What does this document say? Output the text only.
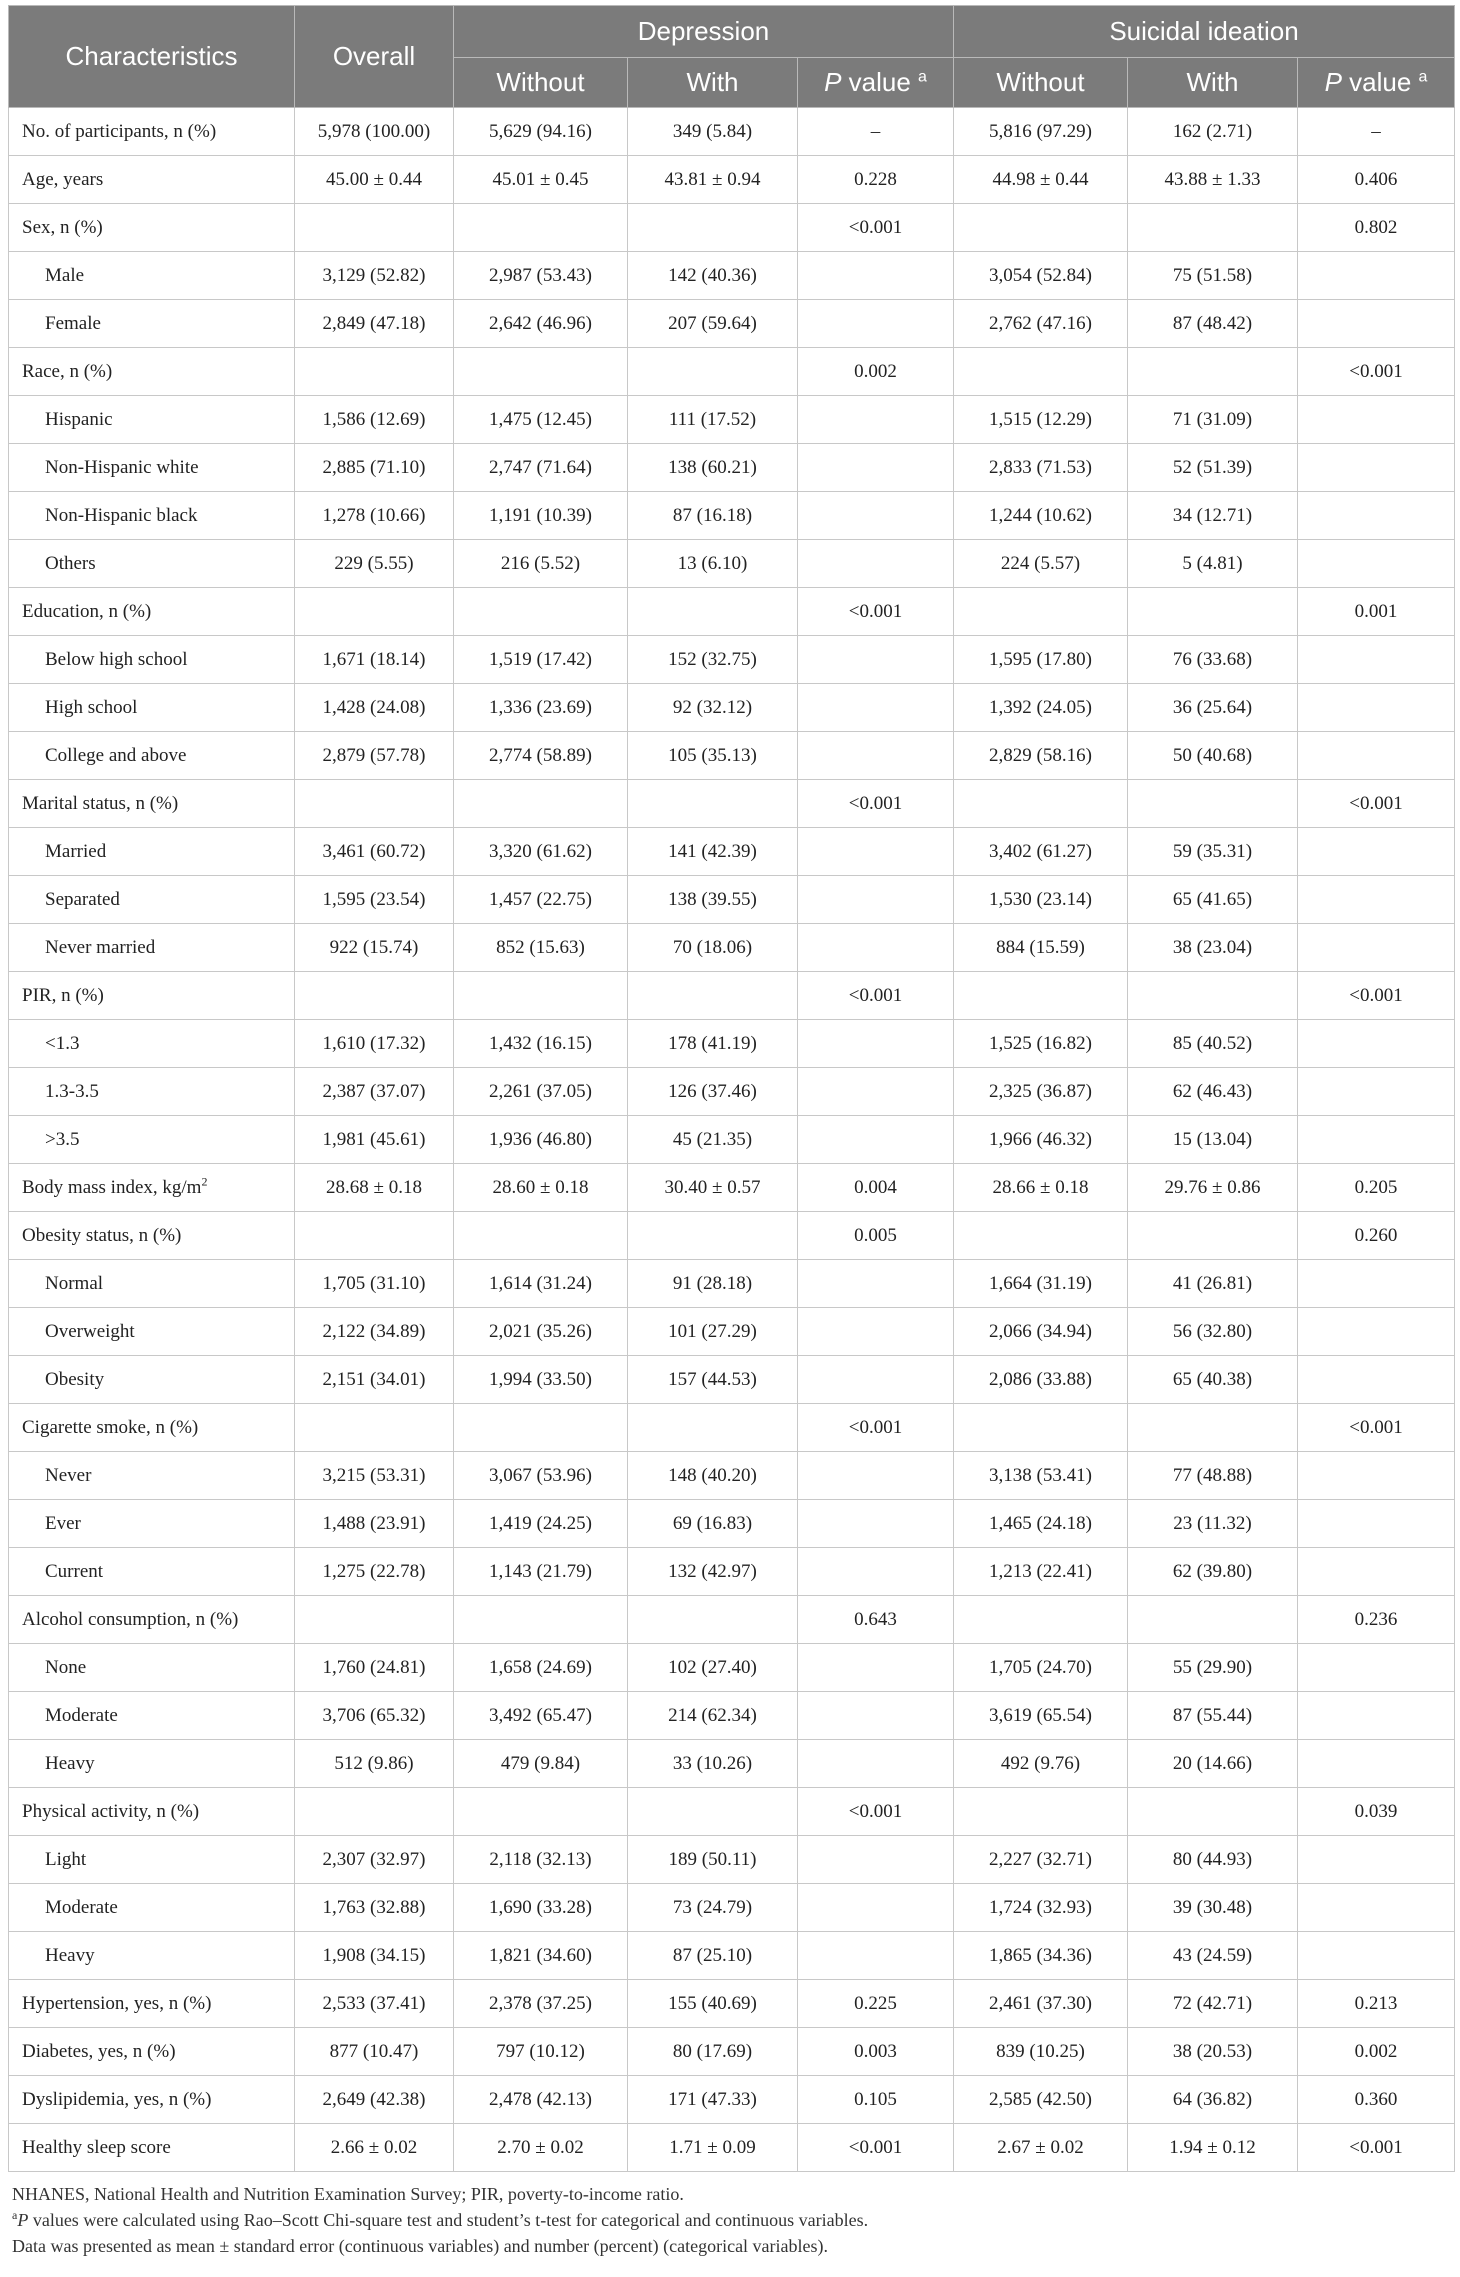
Characteristics	Overall	Depression			Suicidal ideation		
		Without	With	P value $^a$	Without	With	P value $^a$
No. of participants, n (%)	5,978 (100.00)	5,629 (94.16)	349 (5.84)	–	5,816 (97.29)	162 (2.71)	–
Age, years	45.00 ± 0.44	45.01 ± 0.45	43.81 ± 0.94	0.228	44.98 ± 0.44	43.88 ± 1.33	0.406
Sex, n (%)				<0.001			0.802
Male	3,129 (52.82)	2,987 (53.43)	142 (40.36)		3,054 (52.84)	75 (51.58)	
Female	2,849 (47.18)	2,642 (46.96)	207 (59.64)		2,762 (47.16)	87 (48.42)	
Race, n (%)				0.002			<0.001
Hispanic	1,586 (12.69)	1,475 (12.45)	111 (17.52)		1,515 (12.29)	71 (31.09)	
Non-Hispanic white	2,885 (71.10)	2,747 (71.64)	138 (60.21)		2,833 (71.53)	52 (51.39)	
Non-Hispanic black	1,278 (10.66)	1,191 (10.39)	87 (16.18)		1,244 (10.62)	34 (12.71)	
Others	229 (5.55)	216 (5.52)	13 (6.10)		224 (5.57)	5 (4.81)	
Education, n (%)				<0.001			0.001
Below high school	1,671 (18.14)	1,519 (17.42)	152 (32.75)		1,595 (17.80)	76 (33.68)	
High school	1,428 (24.08)	1,336 (23.69)	92 (32.12)		1,392 (24.05)	36 (25.64)	
College and above	2,879 (57.78)	2,774 (58.89)	105 (35.13)		2,829 (58.16)	50 (40.68)	
Marital status, n (%)				<0.001			<0.001
Married	3,461 (60.72)	3,320 (61.62)	141 (42.39)		3,402 (61.27)	59 (35.31)	
Separated	1,595 (23.54)	1,457 (22.75)	138 (39.55)		1,530 (23.14)	65 (41.65)	
Never married	922 (15.74)	852 (15.63)	70 (18.06)		884 (15.59)	38 (23.04)	
PIR, n (%)				<0.001			<0.001
<1.3	1,610 (17.32)	1,432 (16.15)	178 (41.19)		1,525 (16.82)	85 (40.52)	
1.3-3.5	2,387 (37.07)	2,261 (37.05)	126 (37.46)		2,325 (36.87)	62 (46.43)	
>3.5	1,981 (45.61)	1,936 (46.80)	45 (21.35)		1,966 (46.32)	15 (13.04)	
Body mass index, $kg/m^2$	28.68 ± 0.18	28.60 ± 0.18	30.40 ± 0.57	0.004	28.66 ± 0.18	29.76 ± 0.86	0.205
Obesity status, n (%)				0.005			0.260
Normal	1,705 (31.10)	1,614 (31.24)	91 (28.18)		1,664 (31.19)	41 (26.81)	
Overweight	2,122 (34.89)	2,021 (35.26)	101 (27.29)		2,066 (34.94)	56 (32.80)	
Obesity	2,151 (34.01)	1,994 (33.50)	157 (44.53)		2,086 (33.88)	65 (40.38)	
Cigarette smoke, n (%)				<0.001			<0.001
Never	3,215 (53.31)	3,067 (53.96)	148 (40.20)		3,138 (53.41)	77 (48.88)	
Ever	1,488 (23.91)	1,419 (24.25)	69 (16.83)		1,465 (24.18)	23 (11.32)	
Current	1,275 (22.78)	1,143 (21.79)	132 (42.97)		1,213 (22.41)	62 (39.80)	
Alcohol consumption, n (%)				0.643			0.236
None	1,760 (24.81)	1,658 (24.69)	102 (27.40)		1,705 (24.70)	55 (29.90)	
Moderate	3,706 (65.32)	3,492 (65.47)	214 (62.34)		3,619 (65.54)	87 (55.44)	
Heavy	512 (9.86)	479 (9.84)	33 (10.26)		492 (9.76)	20 (14.66)	
Physical activity, n (%)				<0.001			0.039
Light	2,307 (32.97)	2,118 (32.13)	189 (50.11)		2,227 (32.71)	80 (44.93)	
Moderate	1,763 (32.88)	1,690 (33.28)	73 (24.79)		1,724 (32.93)	39 (30.48)	
Heavy	1,908 (34.15)	1,821 (34.60)	87 (25.10)		1,865 (34.36)	43 (24.59)	
Hypertension, yes, n (%)	2,533 (37.41)	2,378 (37.25)	155 (40.69)	0.225	2,461 (37.30)	72 (42.71)	0.213
Diabetes, yes, n (%)	877 (10.47)	797 (10.12)	80 (17.69)	0.003	839 (10.25)	38 (20.53)	0.002
Dyslipidemia, yes, n (%)	2,649 (42.38)	2,478 (42.13)	171 (47.33)	0.105	2,585 (42.50)	64 (36.82)	0.360
Healthy sleep score	2.66 ± 0.02	2.70 ± 0.02	1.71 ± 0.09	<0.001	2.67 ± 0.02	1.94 ± 0.12	<0.001

NHANES, National Health and Nutrition Examination Survey; PIR, poverty-to-income ratio.

$^a$P values were calculated using Rao–Scott Chi-square test and student’s t-test for categorical and continuous variables.

Data was presented as mean ± standard error (continuous variables) and number (percent) (categorical variables).
